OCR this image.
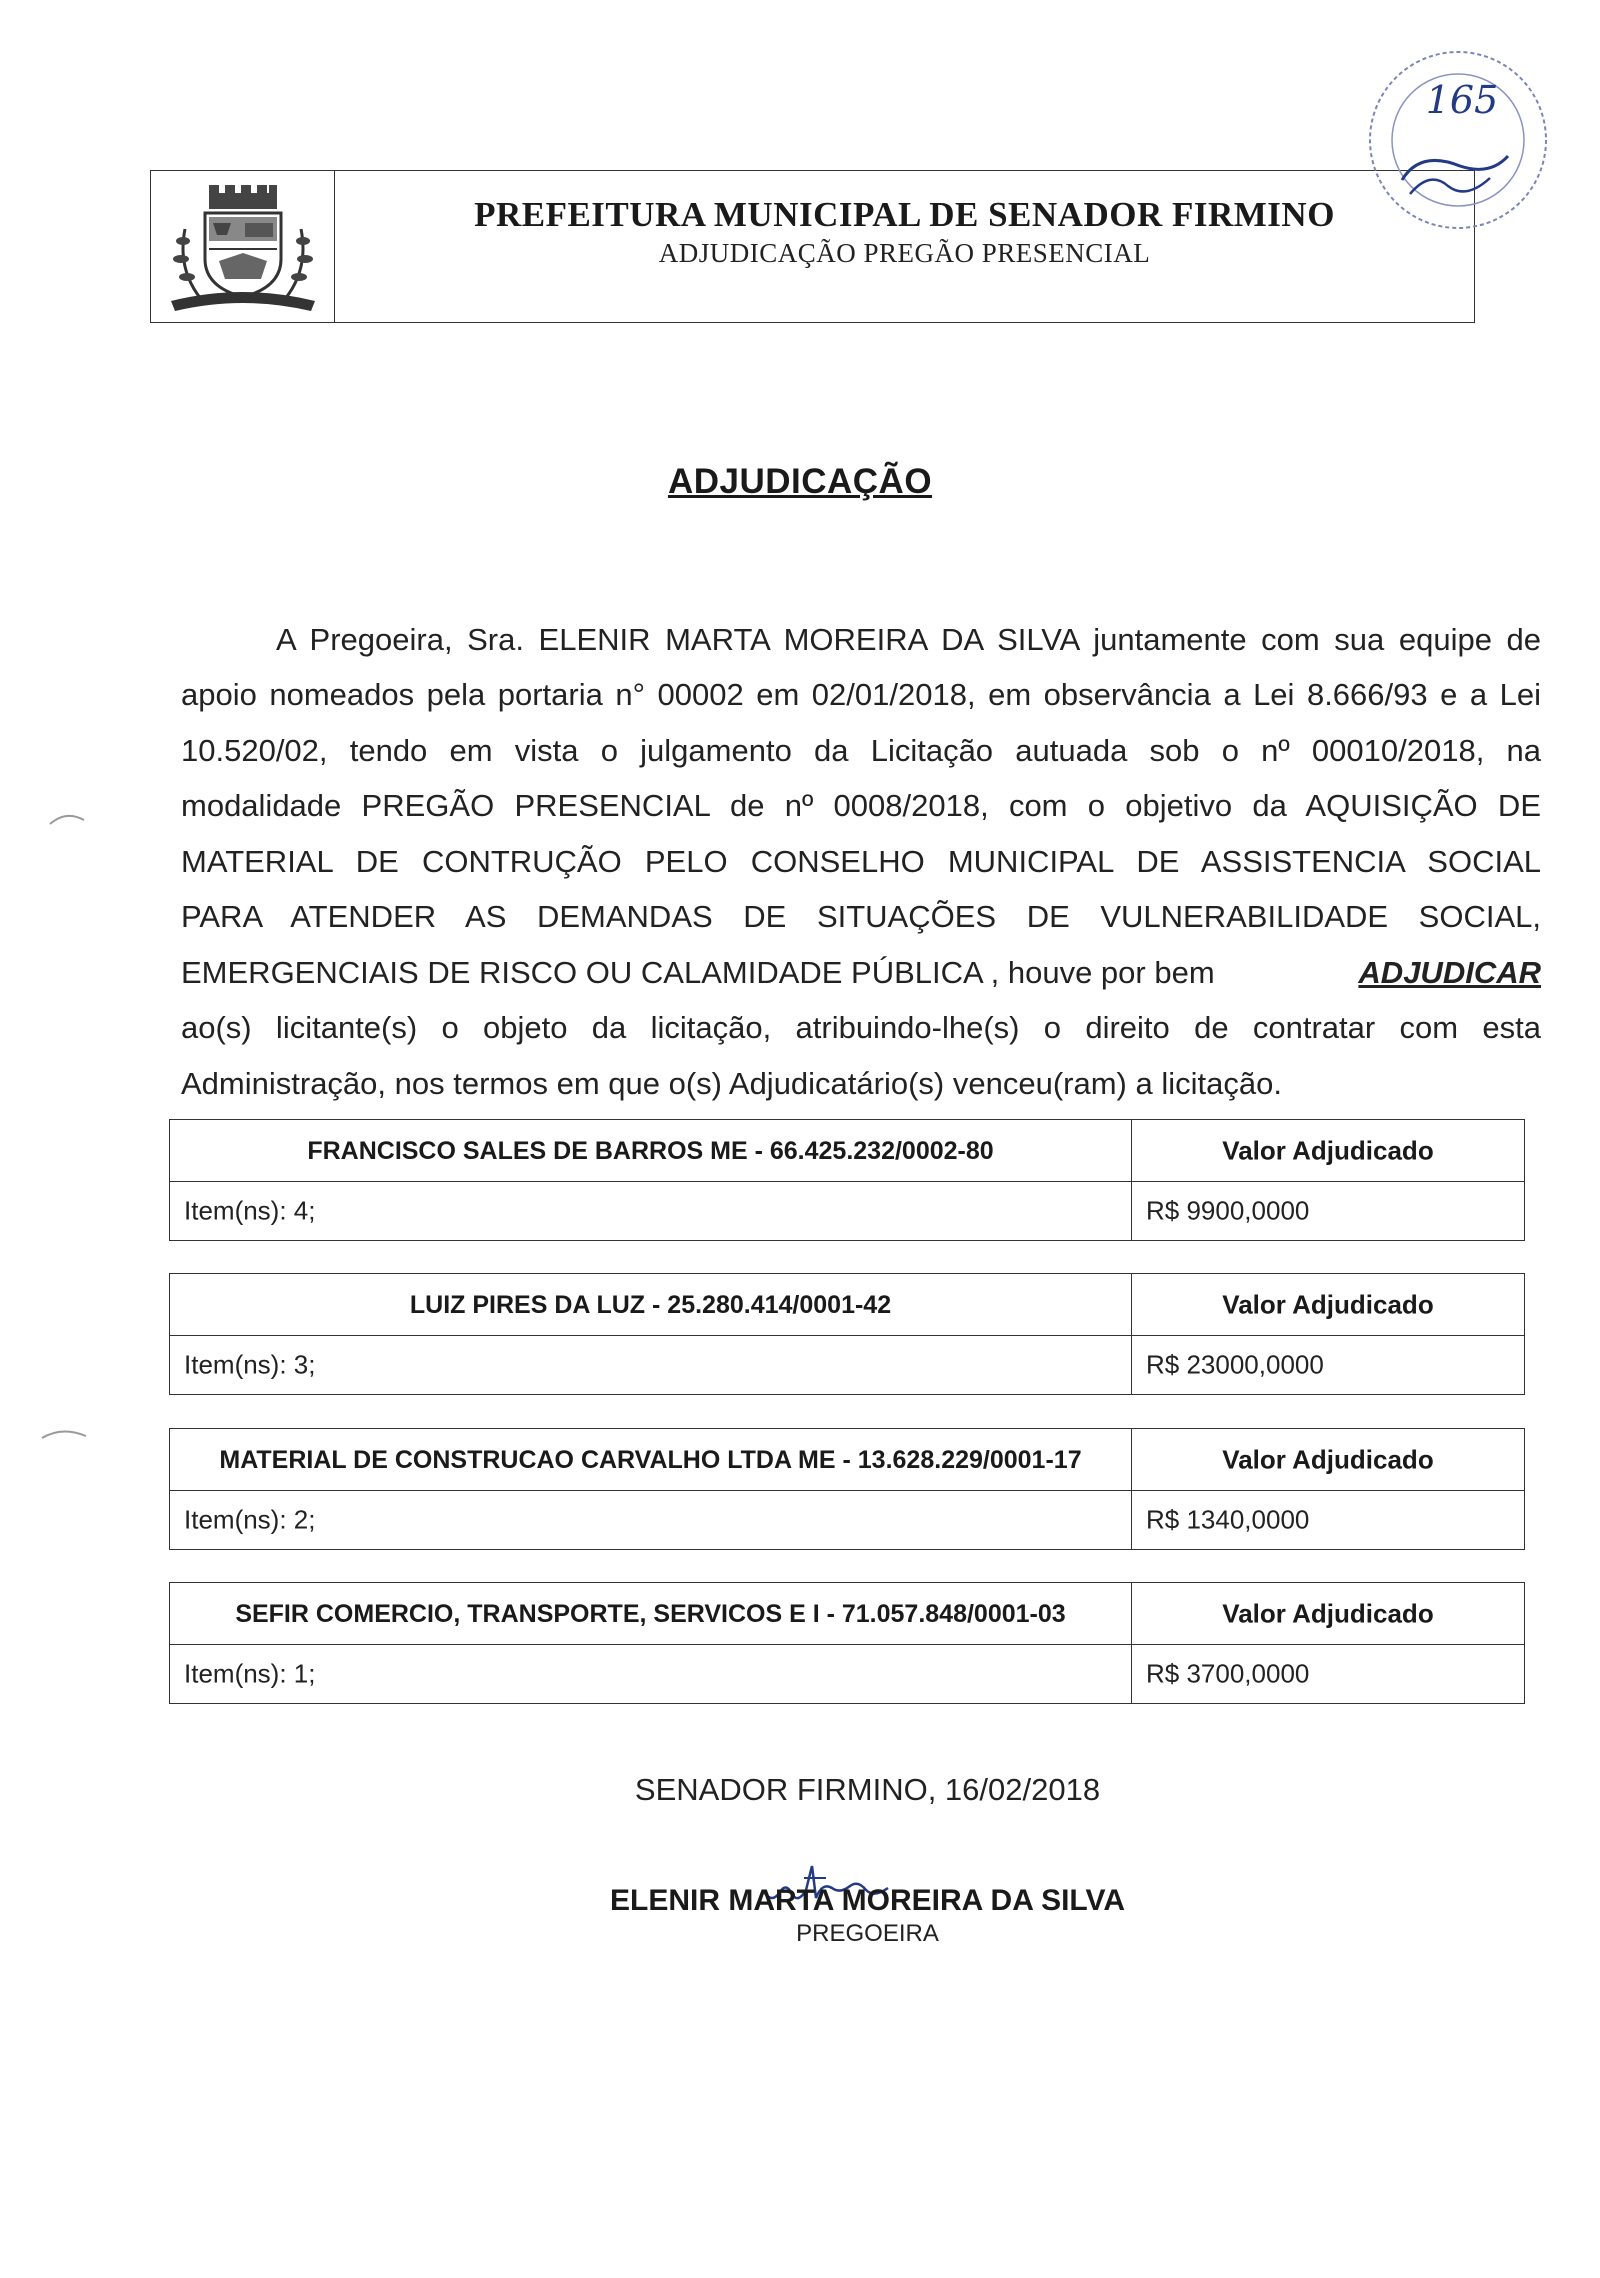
PREFEITURA MUNICIPAL DE SENADOR FIRMINO
ADJUDICAÇÃO PREGÃO PRESENCIAL
165
ADJUDICAÇÃO
A Pregoeira, Sra. ELENIR MARTA MOREIRA DA SILVA juntamente com sua equipe de
apoio nomeados pela portaria n° 00002 em 02/01/2018, em observância a Lei 8.666/93 e a Lei
10.520/02, tendo em vista o julgamento da Licitação autuada sob o nº 00010/2018, na
modalidade PREGÃO PRESENCIAL de nº 0008/2018, com o objetivo da AQUISIÇÃO DE
MATERIAL DE CONTRUÇÃO PELO CONSELHO MUNICIPAL DE ASSISTENCIA SOCIAL
PARA ATENDER AS DEMANDAS DE SITUAÇÕES DE VULNERABILIDADE SOCIAL,
EMERGENCIAIS DE RISCO OU CALAMIDADE PÚBLICA , houve por bem	ADJUDICAR
ao(s) licitante(s) o objeto da licitação, atribuindo-lhe(s) o direito de contratar com esta
Administração, nos termos em que o(s) Adjudicatário(s) venceu(ram) a licitação.
FRANCISCO SALES DE BARROS ME - 66.425.232/0002-80	Valor Adjudicado
Item(ns): 4;	R$ 9900,0000
LUIZ PIRES DA LUZ - 25.280.414/0001-42	Valor Adjudicado
Item(ns): 3;	R$ 23000,0000
MATERIAL DE CONSTRUCAO CARVALHO LTDA ME - 13.628.229/0001-17	Valor Adjudicado
Item(ns): 2;	R$ 1340,0000
SEFIR COMERCIO, TRANSPORTE, SERVICOS E I - 71.057.848/0001-03	Valor Adjudicado
Item(ns): 1;	R$ 3700,0000
SENADOR FIRMINO, 16/02/2018
ELENIR MARTA MOREIRA DA SILVA
PREGOEIRA
